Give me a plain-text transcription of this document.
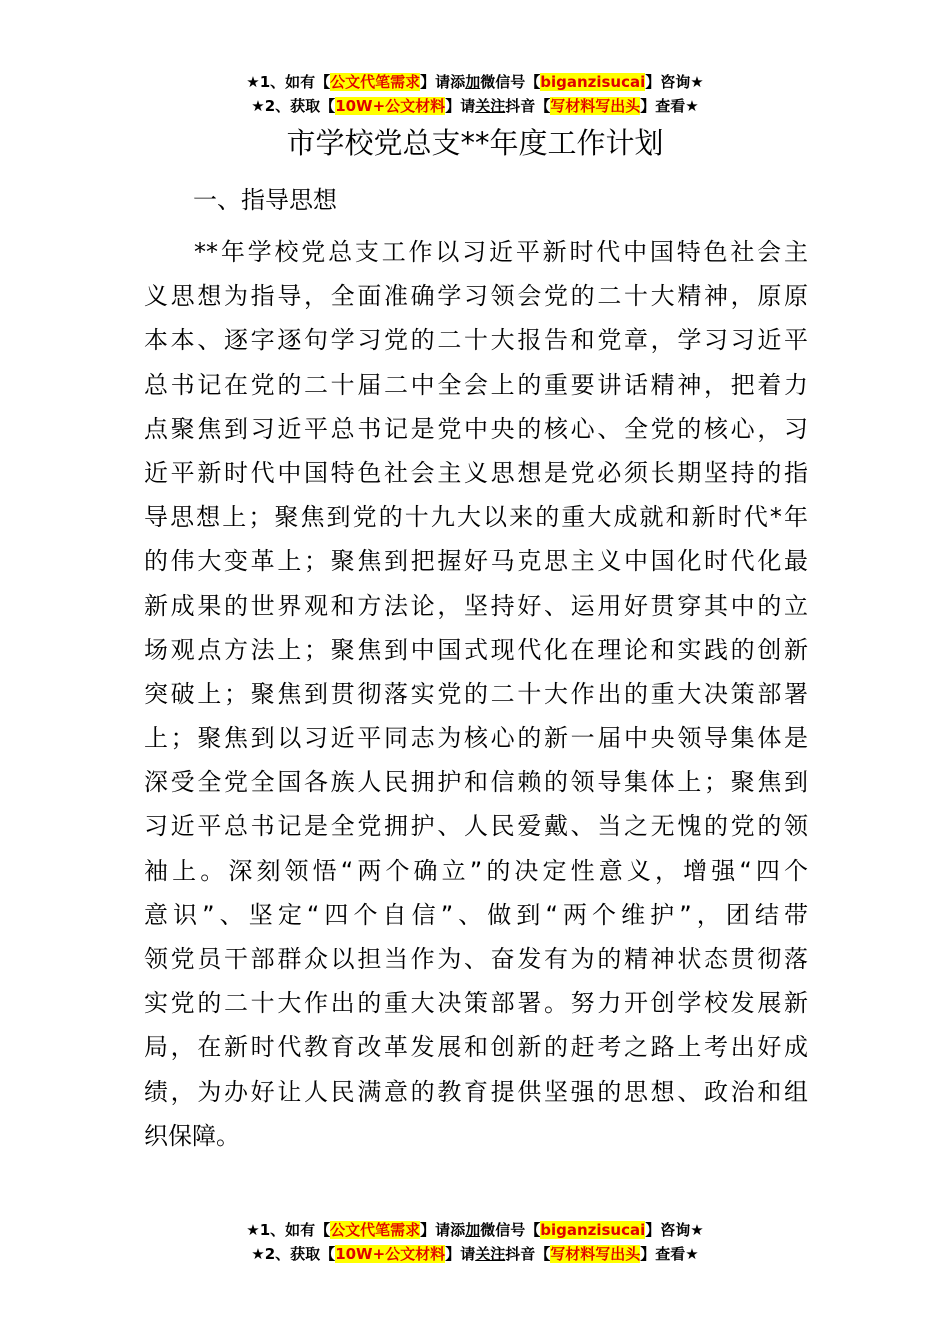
★1、如有【公文代笔需求】请添加微信号【biganzisucai】咨询★
★2、获取【10W+公文材料】请关注抖音【写材料写出头】查看★
市学校党总支**年度工作计划
一、指导思想
**年学校党总支工作以习近平新时代中国特色社会主
义思想为指导，全面准确学习领会党的二十大精神，原原
本本、逐字逐句学习党的二十大报告和党章，学习习近平
总书记在党的二十届二中全会上的重要讲话精神，把着力
点聚焦到习近平总书记是党中央的核心、全党的核心，习
近平新时代中国特色社会主义思想是党必须长期坚持的指
导思想上；聚焦到党的十九大以来的重大成就和新时代*年
的伟大变革上；聚焦到把握好马克思主义中国化时代化最
新成果的世界观和方法论，坚持好、运用好贯穿其中的立
场观点方法上；聚焦到中国式现代化在理论和实践的创新
突破上；聚焦到贯彻落实党的二十大作出的重大决策部署
上；聚焦到以习近平同志为核心的新一届中央领导集体是
深受全党全国各族人民拥护和信赖的领导集体上；聚焦到
习近平总书记是全党拥护、人民爱戴、当之无愧的党的领
袖上。深刻领悟“两个确立”的决定性意义，增强“四个
意识”、坚定“四个自信”、做到“两个维护”，团结带
领党员干部群众以担当作为、奋发有为的精神状态贯彻落
实党的二十大作出的重大决策部署。努力开创学校发展新
局，在新时代教育改革发展和创新的赶考之路上考出好成
绩，为办好让人民满意的教育提供坚强的思想、政治和组
织保障。
★1、如有【公文代笔需求】请添加微信号【biganzisucai】咨询★
★2、获取【10W+公文材料】请关注抖音【写材料写出头】查看★
